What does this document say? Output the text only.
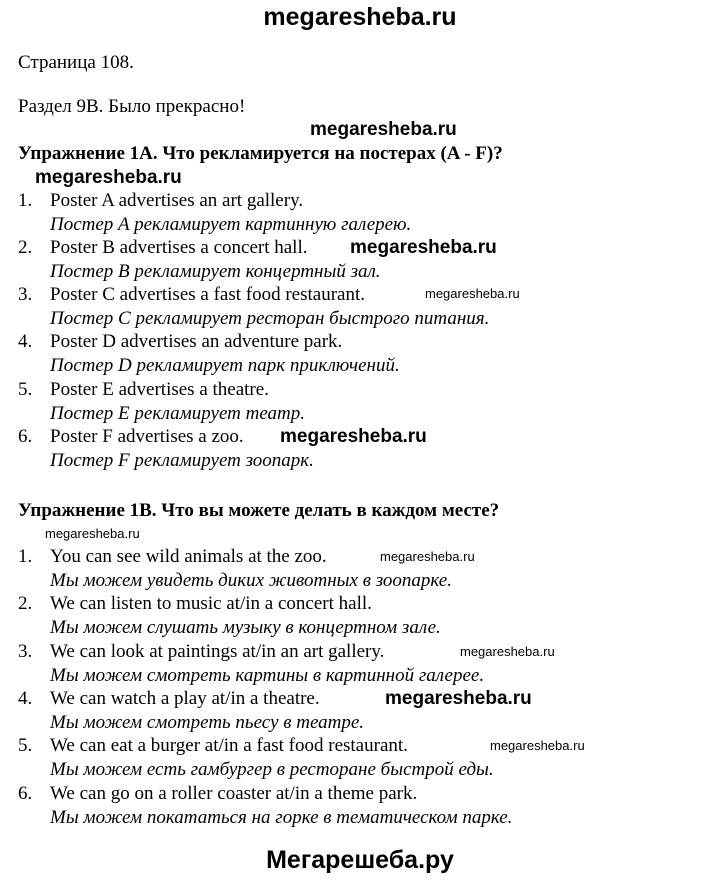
megaresheba.ru
Страница 108.
Раздел 9B. Было прекрасно!
Упражнение 1A. Что рекламируется на постерах (A - F)?
1. Poster A advertises an art gallery.
Постер A рекламирует картинную галерею.
2. Poster B advertises a concert hall.
Постер B рекламирует концертный зал.
3. Poster C advertises a fast food restaurant.
Постер C рекламирует ресторан быстрого питания.
4. Poster D advertises an adventure park.
Постер D рекламирует парк приключений.
5. Poster E advertises a theatre.
Постер E рекламирует театр.
6. Poster F advertises a zoo.
Постер F рекламирует зоопарк.
Упражнение 1B. Что вы можете делать в каждом месте?
1. You can see wild animals at the zoo.
Мы можем увидеть диких животных в зоопарке.
2. We can listen to music at/in a concert hall.
Мы можем слушать музыку в концертном зале.
3. We can look at paintings at/in an art gallery.
Мы можем смотреть картины в картинной галерее.
4. We can watch a play at/in a theatre.
Мы можем смотреть пьесу в театре.
5. We can eat a burger at/in a fast food restaurant.
Мы можем есть гамбургер в ресторане быстрой еды.
6. We can go on a roller coaster at/in a theme park.
Мы можем покататься на горке в тематическом парке.
megaresheba.ru
megaresheba.ru
megaresheba.ru
megaresheba.ru
megaresheba.ru
megaresheba.ru
megaresheba.ru
megaresheba.ru
megaresheba.ru
megaresheba.ru
Мегарешеба.ру
